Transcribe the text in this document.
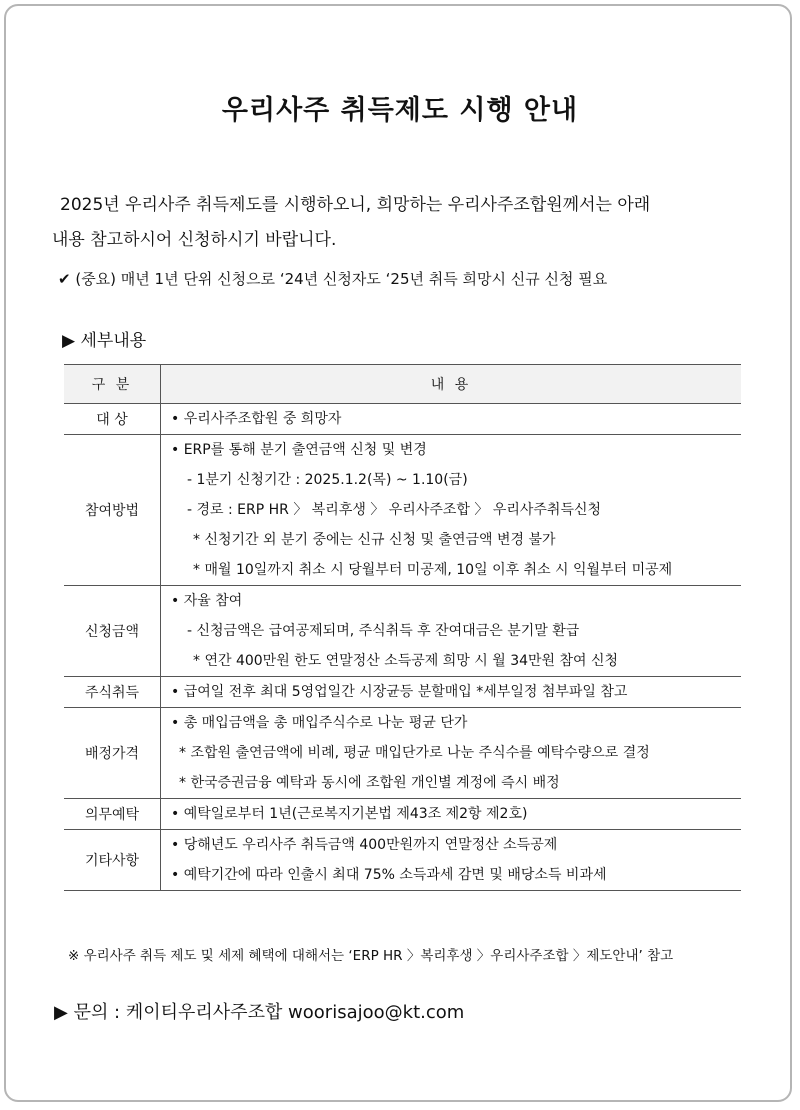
우리사주 취득제도 시행 안내
2025년 우리사주 취득제도를 시행하오니, 희망하는 우리사주조합원께서는 아래
내용 참고하시어 신청하시기 바랍니다.
✔ (중요) 매년 1년 단위 신청으로 ‘24년 신청자도 ‘25년 취득 희망시 신규 신청 필요
▶ 세부내용
구 분	내 용
대 상	• 우리사주조합원 중 희망자

참여방법	• ERP를 통해 분기 출연금액 신청 및 변경
- 1분기 신청기간 : 2025.1.2(목) ~ 1.10(금)
- 경로 : ERP HR 〉 복리후생 〉 우리사주조합 〉 우리사주취득신청
* 신청기간 외 분기 중에는 신규 신청 및 출연금액 변경 불가
* 매월 10일까지 취소 시 당월부터 미공제, 10일 이후 취소 시 익월부터 미공제

신청금액	• 자율 참여
- 신청금액은 급여공제되며, 주식취득 후 잔여대금은 분기말 환급
* 연간 400만원 한도 연말정산 소득공제 희망 시 월 34만원 참여 신청

주식취득	• 급여일 전후 최대 5영업일간 시장균등 분할매입 *세부일정 첨부파일 참고

배정가격	• 총 매입금액을 총 매입주식수로 나눈 평균 단가
* 조합원 출연금액에 비례, 평균 매입단가로 나눈 주식수를 예탁수량으로 결정
* 한국증권금융 예탁과 동시에 조합원 개인별 계정에 즉시 배정

의무예탁	• 예탁일로부터 1년(근로복지기본법 제43조 제2항 제2호)

기타사항	• 당해년도 우리사주 취득금액 400만원까지 연말정산 소득공제
• 예탁기간에 따라 인출시 최대 75% 소득과세 감면 및 배당소득 비과세
※ 우리사주 취득 제도 및 세제 혜택에 대해서는 ‘ERP HR 〉복리후생 〉우리사주조합 〉제도안내’ 참고
▶ 문의 : 케이티우리사주조합 woorisajoo@kt.com
